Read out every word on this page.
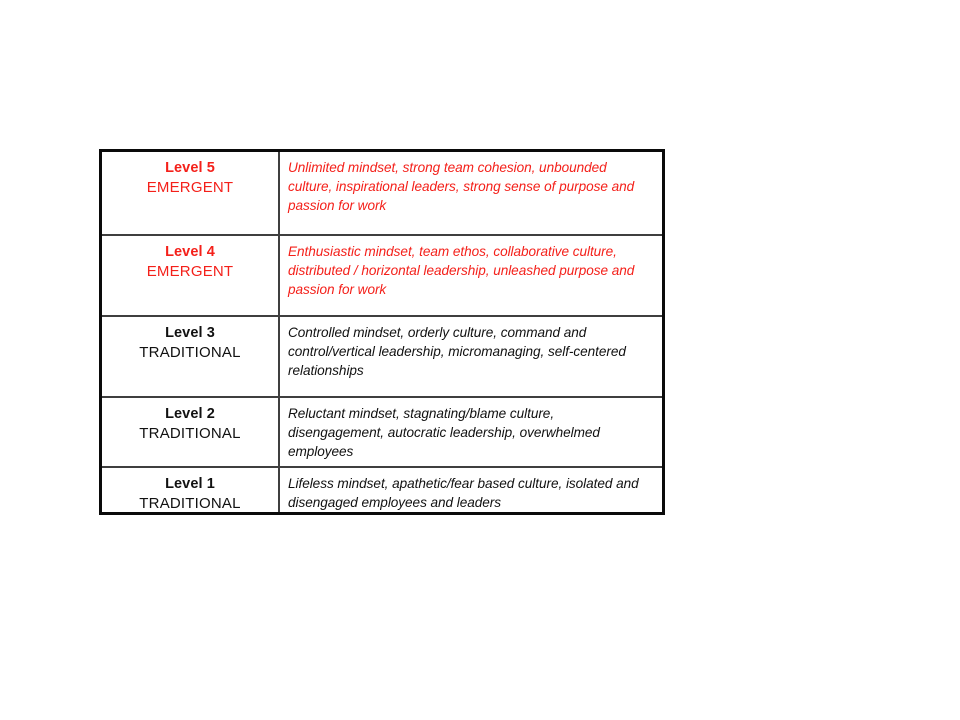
Level 5
EMERGENT
Unlimited mindset, strong team cohesion, unbounded culture, inspirational leaders, strong sense of purpose and passion for work
Level 4
EMERGENT
Enthusiastic mindset, team ethos, collaborative culture, distributed / horizontal leadership, unleashed purpose and passion for work
Level 3
TRADITIONAL
Controlled mindset, orderly culture, command and control/vertical leadership, micromanaging, self-centered relationships
Level 2
TRADITIONAL
Reluctant mindset, stagnating/blame culture, disengagement, autocratic leadership, overwhelmed employees
Level 1
TRADITIONAL
Lifeless mindset, apathetic/fear based culture, isolated and disengaged employees and leaders
